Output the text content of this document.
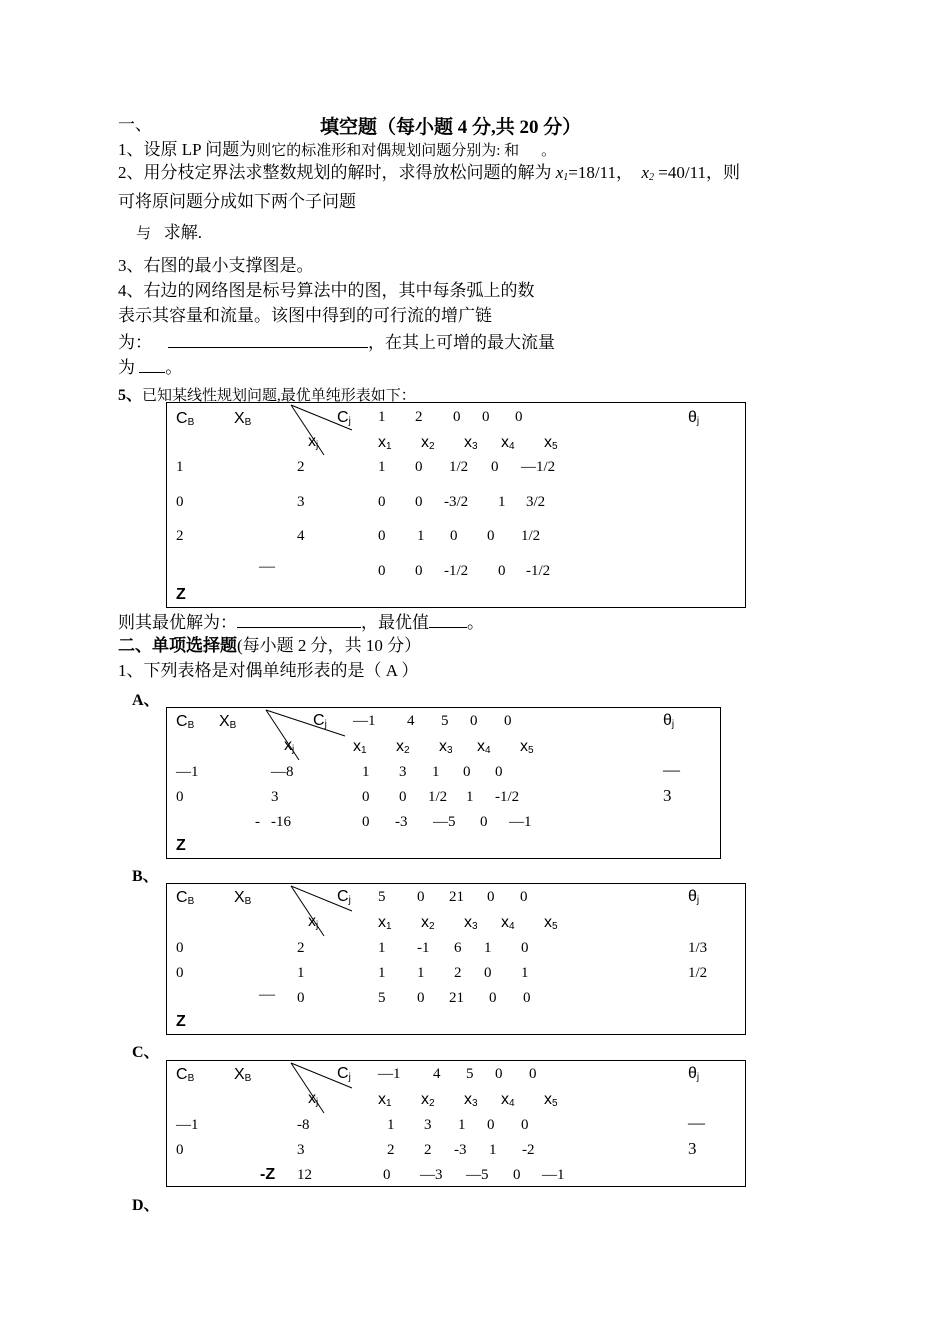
一、	填空题（每小题 4 分,共 20 分）
1、设原 LP 问题为则它的标准形和对偶规划问题分别为: 和 。
2、用分枝定界法求整数规划的解时，求得放松问题的解为 $x_1=18/11$， $x_2 =40/11$，则
可将原问题分成如下两个子问题
与 求解.
3、右图的最小支撑图是。
4、右边的网络图是标号算法中的图，其中每条弧上的数
表示其容量和流量。该图中得到的可行流的增广链
为：	，在其上可增的最大流量
为 。
5、已知某线性规划问题,最优单纯形表如下：
$C_B$ $X_B$	$C_j$ 1 2 0 0 0	$\theta_j$
$x_j$	$x_1$ $x_2$ $x_3$ $x_4$ $x_5$
1	2	1 0 1/2 0 —1/2
0	3	0 0 -3/2 1 3/2
2	4	0 1 0 0 1/2
—	0 0 -1/2 0 -1/2
Z
则其最优解为：	，最优值 。
二、单项选择题(每小题 2 分，共 10 分）
1、下列表格是对偶单纯形表的是（ A ）
A、
$C_B$ $X_B$	$C_j$ —1 4 5 0 0	$\theta_j$
$x_j$	$x_1$ $x_2$ $x_3$ $x_4$ $x_5$
—1	—8	1 3 1 0 0	—
0	3	0 0 1/2 1 -1/2	3
- -16	0 -3 —5 0 —1
Z
B、
$C_B$ $X_B$	$C_j$ 5 0 21 0 0	$\theta_j$
$x_j$	$x_1$ $x_2$ $x_3$ $x_4$ $x_5$
0	2	1 -1 6 1 0	1/3
0	1	1 1 2 0 1	1/2
— 0	5 0 21 0 0
Z
C、
$C_B$ $X_B$	$C_j$ —1 4 5 0 0	$\theta_j$
$x_j$	$x_1$ $x_2$ $x_3$ $x_4$ $x_5$
—1	-8	1 3 1 0 0	—
0	3	2 2 -3 1 -2	3
-Z 12	0 —3 —5 0 —1
D、
